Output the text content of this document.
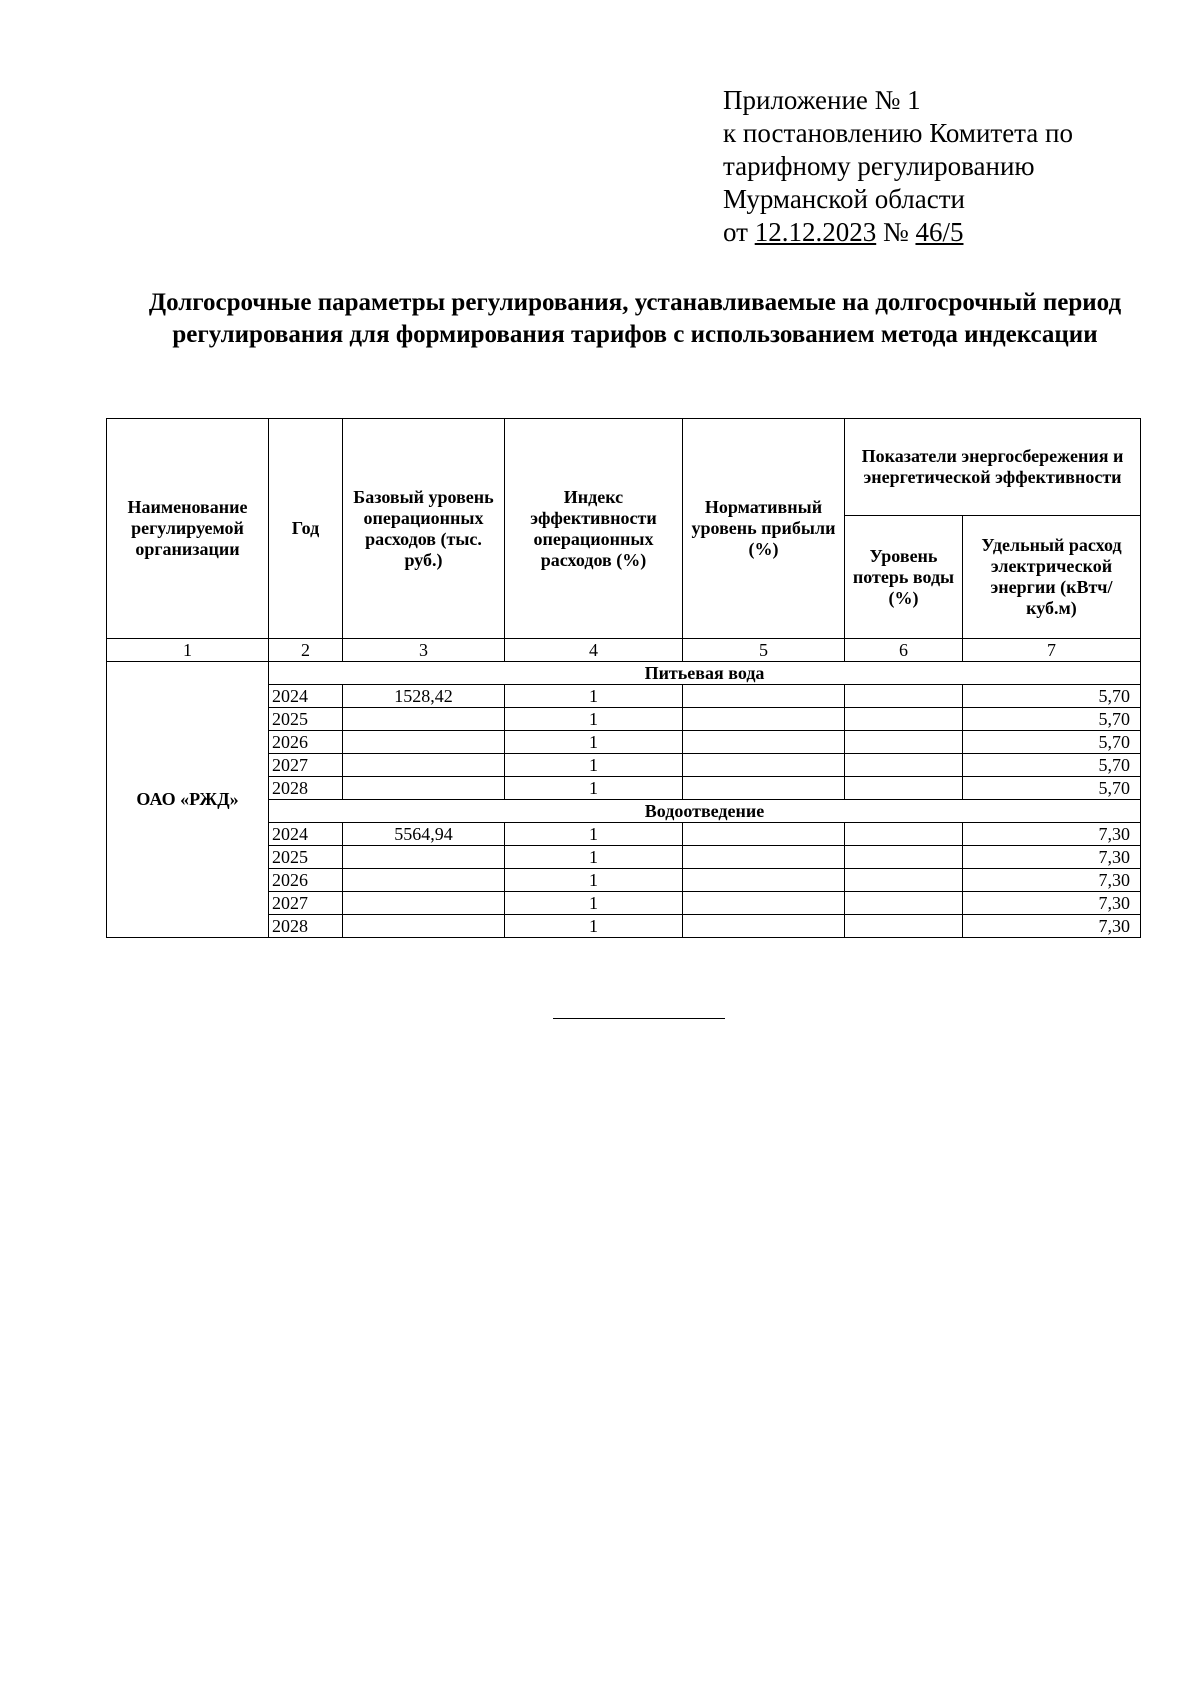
Приложение № 1
к постановлению Комитета по
тарифному регулированию
Мурманской области
от 12.12.2023 № 46/5
Долгосрочные параметры регулирования, устанавливаемые на долгосрочный период регулирования для формирования тарифов с использованием метода индексации
Наименование регулируемой организации	Год	Базовый уровень операционных расходов (тыс. руб.)	Индекс эффективности операционных расходов (%)	Нормативный уровень прибыли (%)	Показатели энергосбережения и энергетической эффективности	
					Уровень потерь воды (%)	Удельный расход электрической энергии (кВтч/куб.м)
1	2	3	4	5	6	7
ОАО «РЖД»	Питьевая вода					
	2024	1528,42	1			5,70
	2025		1			5,70
	2026		1			5,70
	2027		1			5,70
	2028		1			5,70
	Водоотведение					
	2024	5564,94	1			7,30
	2025		1			7,30
	2026		1			7,30
	2027		1			7,30
	2028		1			7,30
